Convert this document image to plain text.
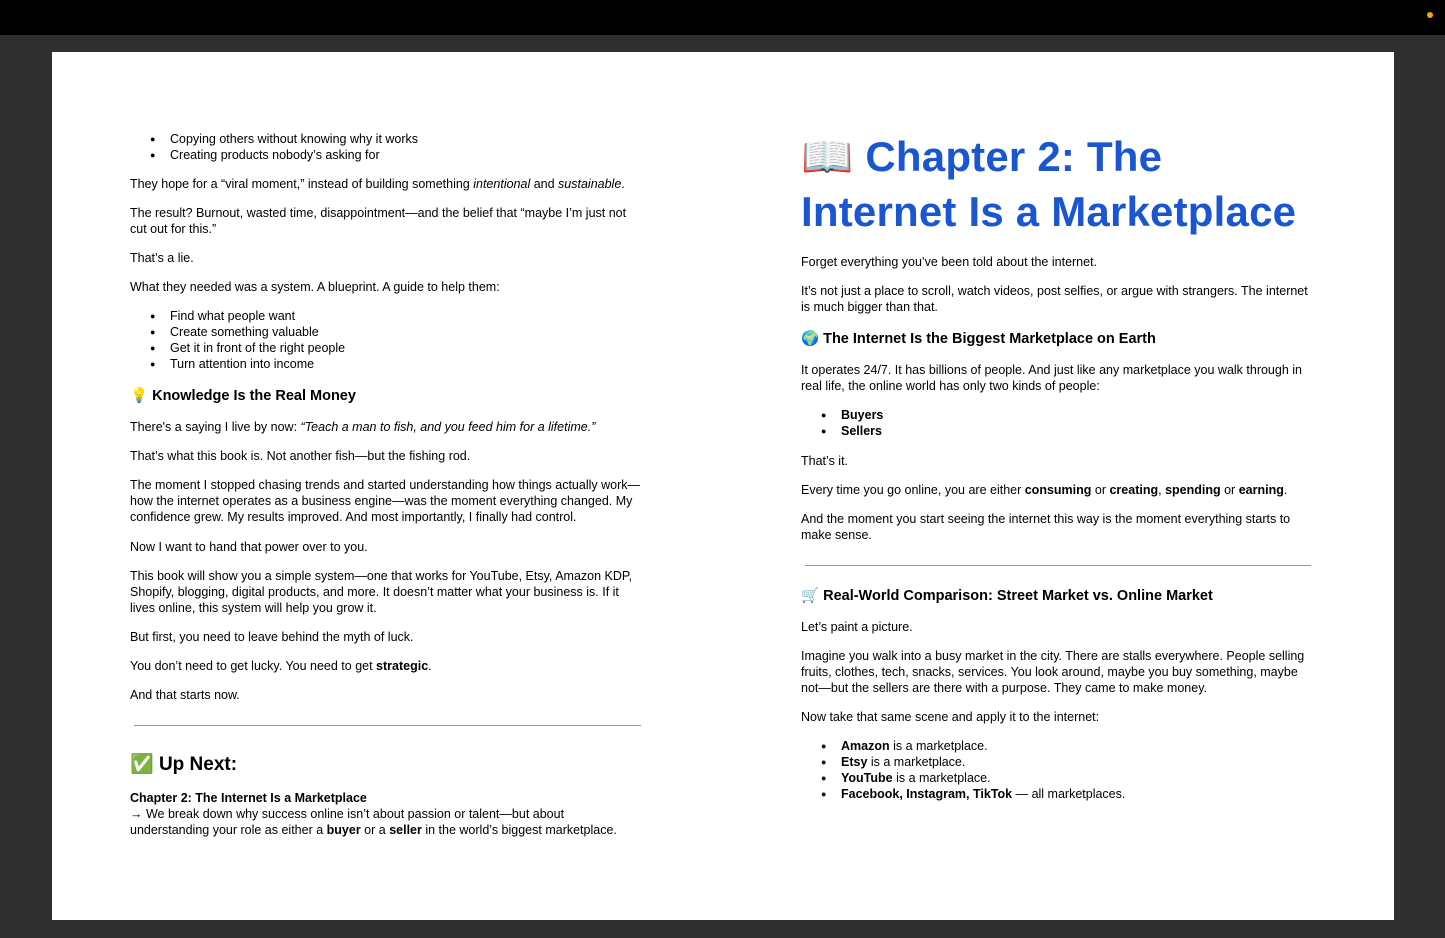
● Copying others without knowing why it works
● Creating products nobody’s asking for

They hope for a “viral moment,” instead of building something intentional and sustainable.

The result? Burnout, wasted time, disappointment—and the belief that “maybe I’m just not cut out for this.”

That’s a lie.

What they needed was a system. A blueprint. A guide to help them:

● Find what people want
● Create something valuable
● Get it in front of the right people
● Turn attention into income
💡 Knowledge Is the Real Money

There's a saying I live by now: “Teach a man to fish, and you feed him for a lifetime.”

That’s what this book is. Not another fish—but the fishing rod.

The moment I stopped chasing trends and started understanding how things actually work—how the internet operates as a business engine—was the moment everything changed. My confidence grew. My results improved. And most importantly, I finally had control.

Now I want to hand that power over to you.

This book will show you a simple system—one that works for YouTube, Etsy, Amazon KDP, Shopify, blogging, digital products, and more. It doesn’t matter what your business is. If it lives online, this system will help you grow it.

But first, you need to leave behind the myth of luck.

You don’t need to get lucky. You need to get strategic.

And that starts now.

✅ Up Next:

Chapter 2: The Internet Is a Marketplace

→ We break down why success online isn’t about passion or talent—but about understanding your role as either a buyer or a seller in the world’s biggest marketplace.

📖 Chapter 2: The
Internet Is a Marketplace

Forget everything you’ve been told about the internet.

It’s not just a place to scroll, watch videos, post selfies, or argue with strangers. The internet is much bigger than that.

🌍 The Internet Is the Biggest Marketplace on Earth

It operates 24/7. It has billions of people. And just like any marketplace you walk through in real life, the online world has only two kinds of people:

● Buyers
● Sellers

That’s it.

Every time you go online, you are either consuming or creating, spending or earning.

And the moment you start seeing the internet this way is the moment everything starts to make sense.

🛒 Real-World Comparison: Street Market vs. Online Market

Let’s paint a picture.

Imagine you walk into a busy market in the city. There are stalls everywhere. People selling fruits, clothes, tech, snacks, services. You look around, maybe you buy something, maybe not—but the sellers are there with a purpose. They came to make money.

Now take that same scene and apply it to the internet:

● Amazon is a marketplace.
● Etsy is a marketplace.
● YouTube is a marketplace.
● Facebook, Instagram, TikTok — all marketplaces.
